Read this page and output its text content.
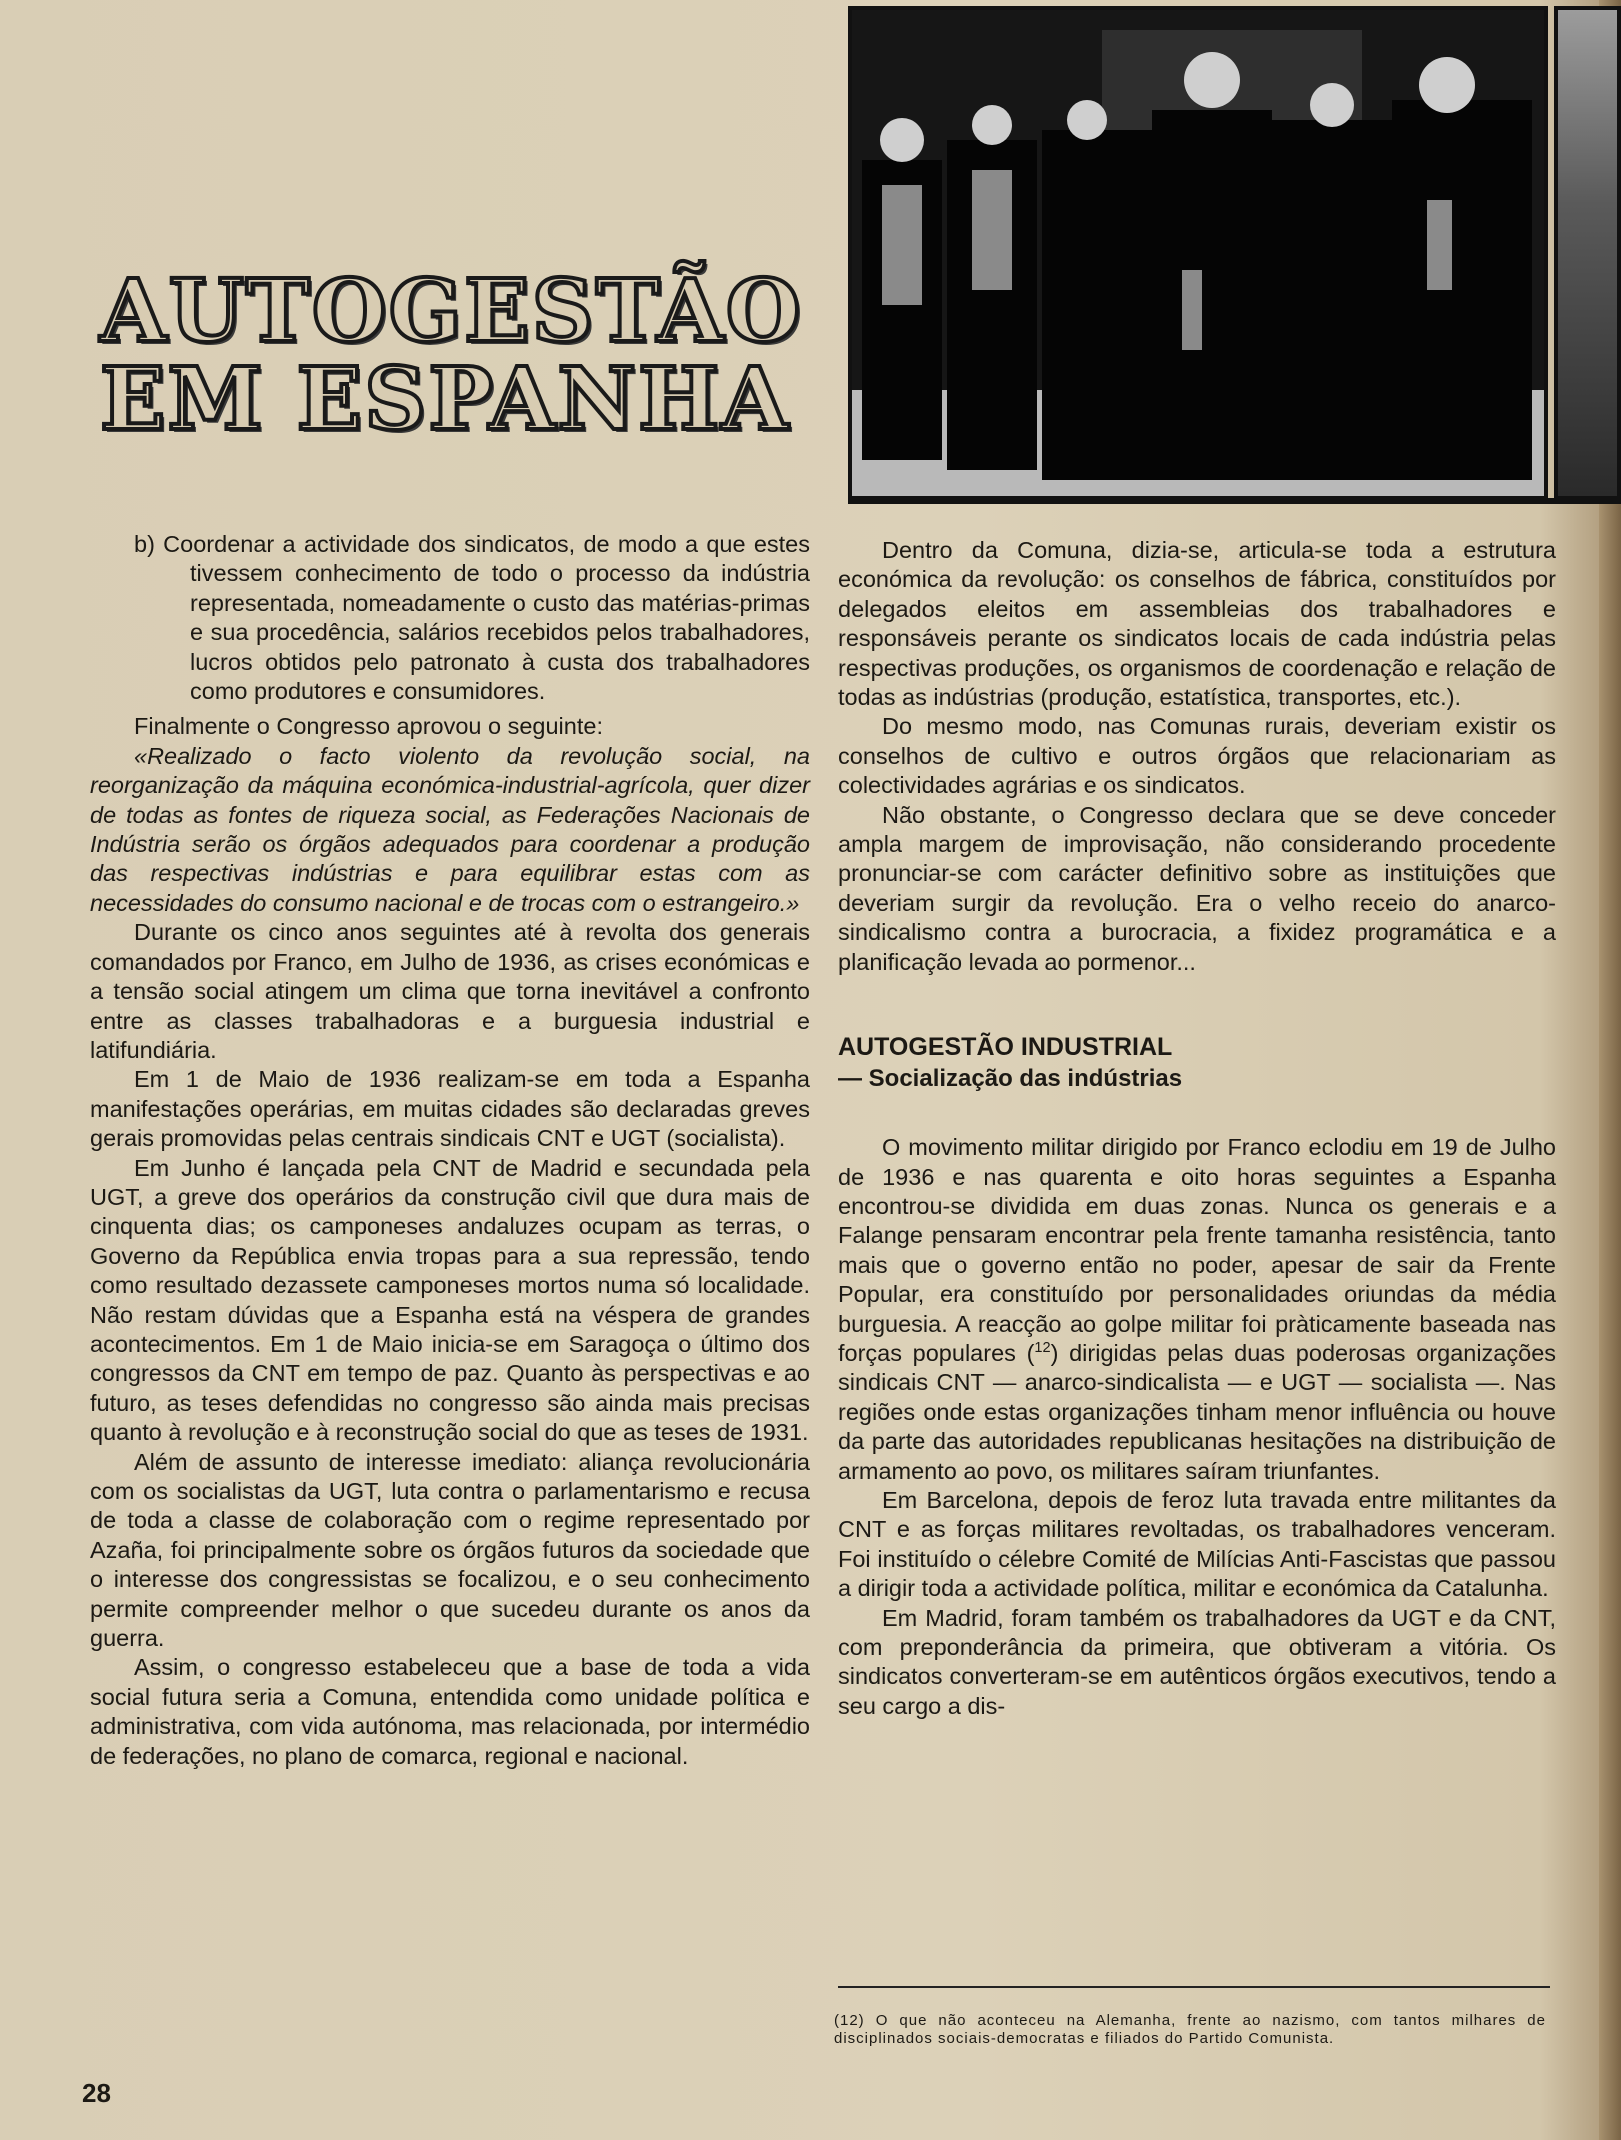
AUTOGESTÃO
EM ESPANHA

b) Coordenar a actividade dos sindicatos, de modo a que estes tivessem conhecimento de todo o processo da indústria representada, nomeadamente o custo das matérias-primas e sua procedência, salários recebidos pelos trabalhadores, lucros obtidos pelo patronato à custa dos trabalhadores como produtores e consumidores.

Finalmente o Congresso aprovou o seguinte:

«Realizado o facto violento da revolução social, na reorganização da máquina económica-industrial-agrícola, quer dizer de todas as fontes de riqueza social, as Federações Nacionais de Indústria serão os órgãos adequados para coordenar a produção das respectivas indústrias e para equilibrar estas com as necessidades do consumo nacional e de trocas com o estrangeiro.»

Durante os cinco anos seguintes até à revolta dos generais comandados por Franco, em Julho de 1936, as crises económicas e a tensão social atingem um clima que torna inevitável a confronto entre as classes trabalhadoras e a burguesia industrial e latifundiária.

Em 1 de Maio de 1936 realizam-se em toda a Espanha manifestações operárias, em muitas cidades são declaradas greves gerais promovidas pelas centrais sindicais CNT e UGT (socialista).

Em Junho é lançada pela CNT de Madrid e secundada pela UGT, a greve dos operários da construção civil que dura mais de cinquenta dias; os camponeses andaluzes ocupam as terras, o Governo da República envia tropas para a sua repressão, tendo como resultado dezassete camponeses mortos numa só localidade. Não restam dúvidas que a Espanha está na véspera de grandes acontecimentos. Em 1 de Maio inicia-se em Saragoça o último dos congressos da CNT em tempo de paz. Quanto às perspectivas e ao futuro, as teses defendidas no congresso são ainda mais precisas quanto à revolução e à reconstrução social do que as teses de 1931.

Além de assunto de interesse imediato: aliança revolucionária com os socialistas da UGT, luta contra o parlamentarismo e recusa de toda a classe de colaboração com o regime representado por Azaña, foi principalmente sobre os órgãos futuros da sociedade que o interesse dos congressistas se focalizou, e o seu conhecimento permite compreender melhor o que sucedeu durante os anos da guerra.

Assim, o congresso estabeleceu que a base de toda a vida social futura seria a Comuna, entendida como unidade política e administrativa, com vida autónoma, mas relacionada, por intermédio de federações, no plano de comarca, regional e nacional.

Dentro da Comuna, dizia-se, articula-se toda a estrutura económica da revolução: os conselhos de fábrica, constituídos por delegados eleitos em assembleias dos trabalhadores e responsáveis perante os sindicatos locais de cada indústria pelas respectivas produções, os organismos de coordenação e relação de todas as indústrias (produção, estatística, transportes, etc.).

Do mesmo modo, nas Comunas rurais, deveriam existir os conselhos de cultivo e outros órgãos que relacionariam as colectividades agrárias e os sindicatos.

Não obstante, o Congresso declara que se deve conceder ampla margem de improvisação, não considerando procedente pronunciar-se com carácter definitivo sobre as instituições que deveriam surgir da revolução. Era o velho receio do anarco-sindicalismo contra a burocracia, a fixidez programática e a planificação levada ao pormenor...

AUTOGESTÃO INDUSTRIAL

— Socialização das indústrias

O movimento militar dirigido por Franco eclodiu em 19 de Julho de 1936 e nas quarenta e oito horas seguintes a Espanha encontrou-se dividida em duas zonas. Nunca os generais e a Falange pensaram encontrar pela frente tamanha resistência, tanto mais que o governo então no poder, apesar de sair da Frente Popular, era constituído por personalidades oriundas da média burguesia. A reacção ao golpe militar foi pràticamente baseada nas forças populares ($^{12}$) dirigidas pelas duas poderosas organizações sindicais CNT — anarco-sindicalista — e UGT — socialista —. Nas regiões onde estas organizações tinham menor influência ou houve da parte das autoridades republicanas hesitações na distribuição de armamento ao povo, os militares saíram triunfantes.

Em Barcelona, depois de feroz luta travada entre militantes da CNT e as forças militares revoltadas, os trabalhadores venceram. Foi instituído o célebre Comité de Milícias Anti-Fascistas que passou a dirigir toda a actividade política, militar e económica da Catalunha.

Em Madrid, foram também os trabalhadores da UGT e da CNT, com preponderância da primeira, que obtiveram a vitória. Os sindicatos converteram-se em autênticos órgãos executivos, tendo a seu cargo a dis-

(12) O que não aconteceu na Alemanha, frente ao nazismo, com tantos milhares de disciplinados sociais-democratas e filiados do Partido Comunista.
28
